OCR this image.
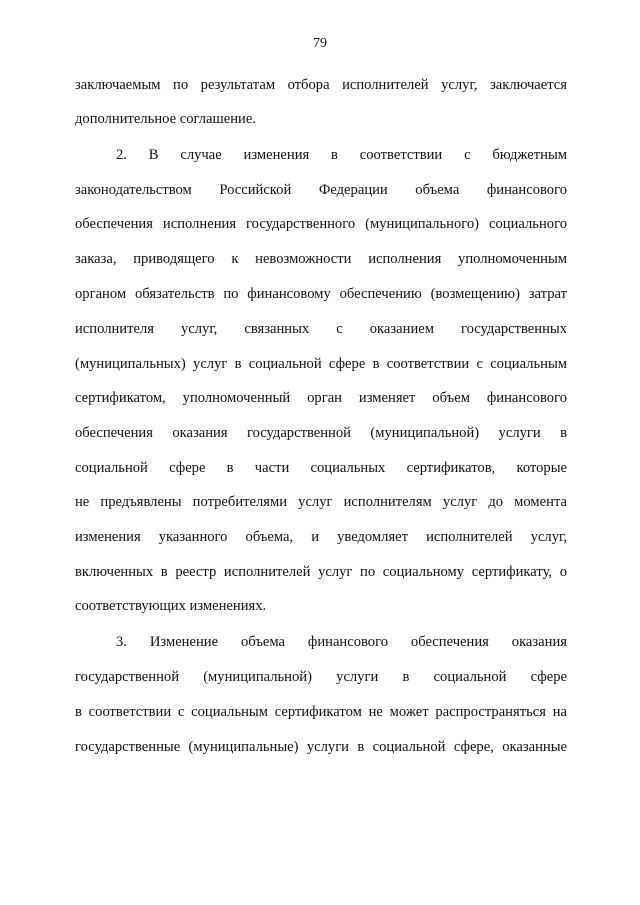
79
заключаемым по результатам отбора исполнителей услуг, заключается
дополнительное соглашение.
2. В случае изменения в соответствии с бюджетным
законодательством Российской Федерации объема финансового
обеспечения исполнения государственного (муниципального) социального
заказа, приводящего к невозможности исполнения уполномоченным
органом обязательств по финансовому обеспечению (возмещению) затрат
исполнителя услуг, связанных с оказанием государственных
(муниципальных) услуг в социальной сфере в соответствии с социальным
сертификатом, уполномоченный орган изменяет объем финансового
обеспечения оказания государственной (муниципальной) услуги в
социальной сфере в части социальных сертификатов, которые
не предъявлены потребителями услуг исполнителям услуг до момента
изменения указанного объема, и уведомляет исполнителей услуг,
включенных в реестр исполнителей услуг по социальному сертификату, о
соответствующих изменениях.
3. Изменение объема финансового обеспечения оказания
государственной (муниципальной) услуги в социальной сфере
в соответствии с социальным сертификатом не может распространяться на
государственные (муниципальные) услуги в социальной сфере, оказанные
